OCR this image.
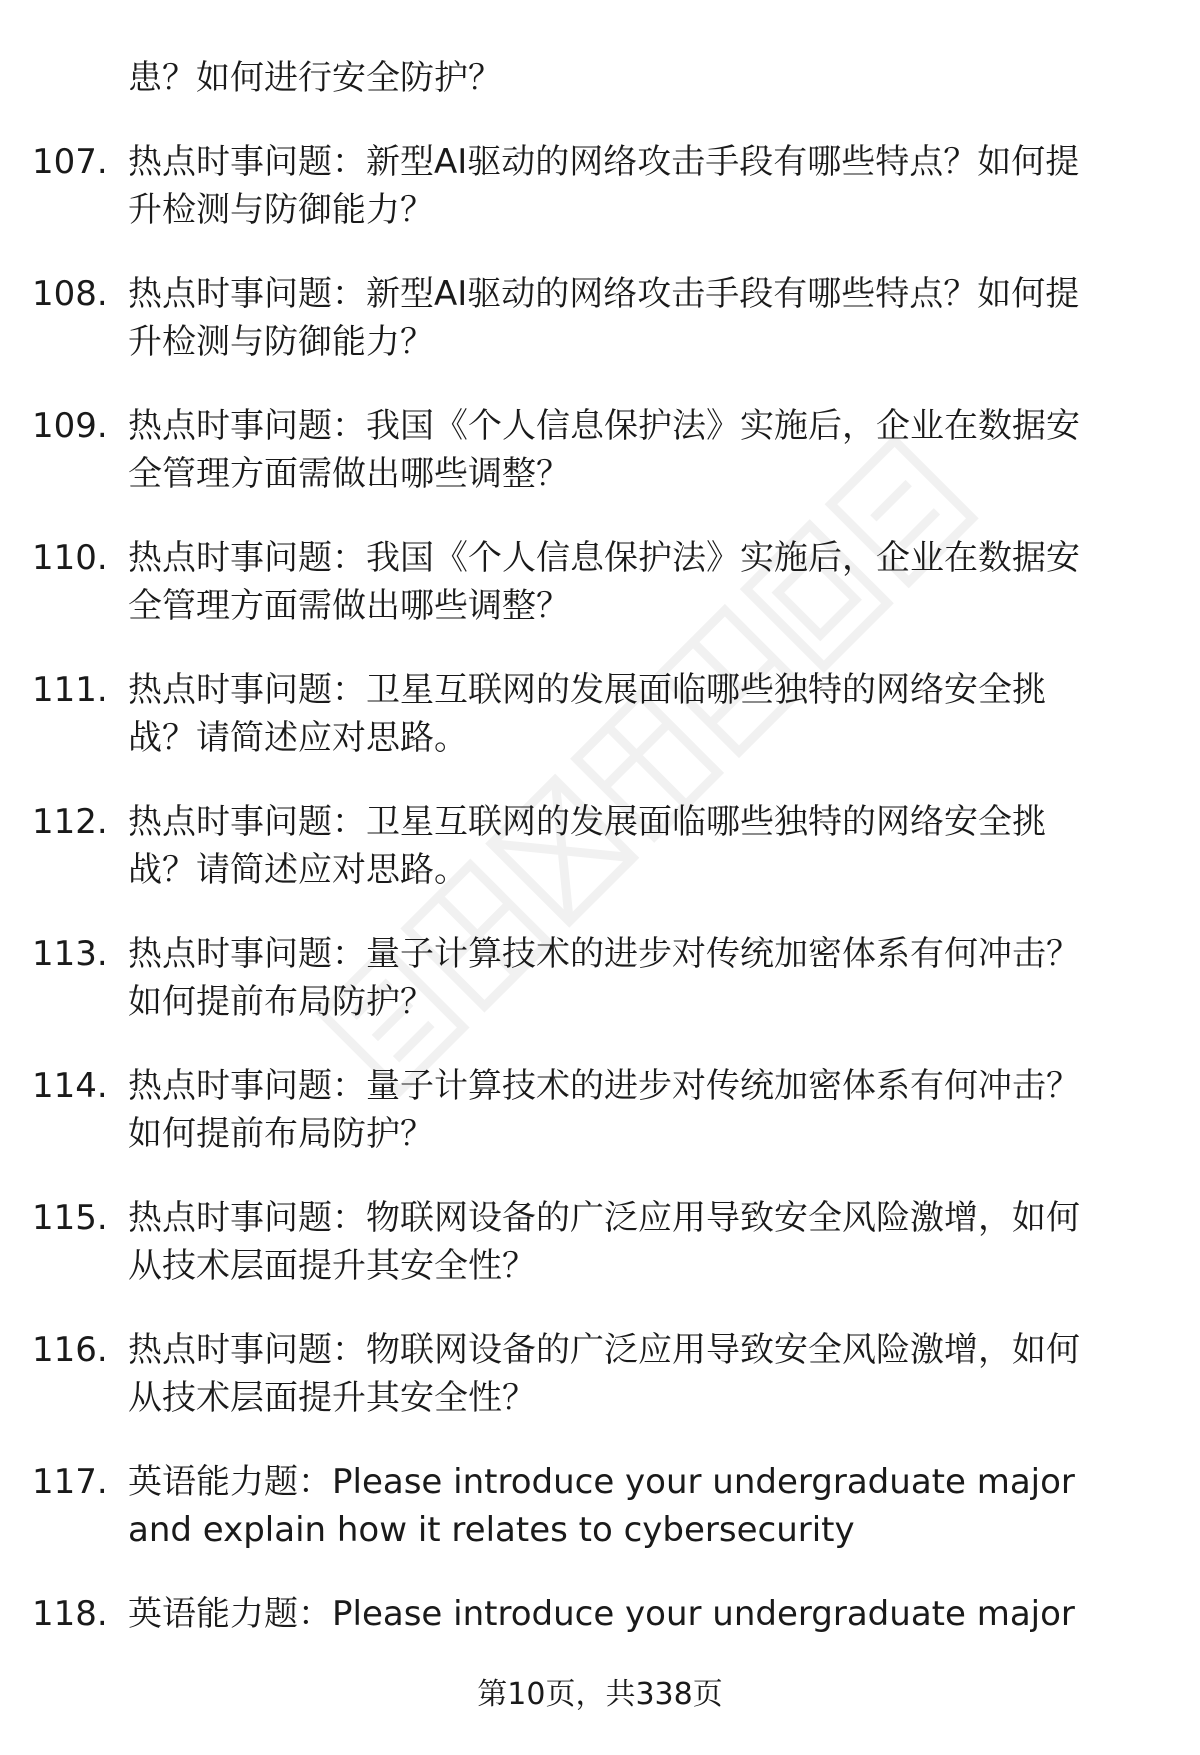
患？如何进行安全防护？
107. 热点时事问题：新型AI驱动的网络攻击手段有哪些特点？如何提
升检测与防御能力？
108. 热点时事问题：新型AI驱动的网络攻击手段有哪些特点？如何提
升检测与防御能力？
109. 热点时事问题：我国《个人信息保护法》实施后，企业在数据安
全管理方面需做出哪些调整？
110. 热点时事问题：我国《个人信息保护法》实施后，企业在数据安
全管理方面需做出哪些调整？
111. 热点时事问题：卫星互联网的发展面临哪些独特的网络安全挑
战？请简述应对思路。
112. 热点时事问题：卫星互联网的发展面临哪些独特的网络安全挑
战？请简述应对思路。
113. 热点时事问题：量子计算技术的进步对传统加密体系有何冲击？
如何提前布局防护？
114. 热点时事问题：量子计算技术的进步对传统加密体系有何冲击？
如何提前布局防护？
115. 热点时事问题：物联网设备的广泛应用导致安全风险激增，如何
从技术层面提升其安全性？
116. 热点时事问题：物联网设备的广泛应用导致安全风险激增，如何
从技术层面提升其安全性？
117. 英语能力题：Please introduce your undergraduate major
and explain how it relates to cybersecurity
118. 英语能力题：Please introduce your undergraduate major
第10页，共338页
